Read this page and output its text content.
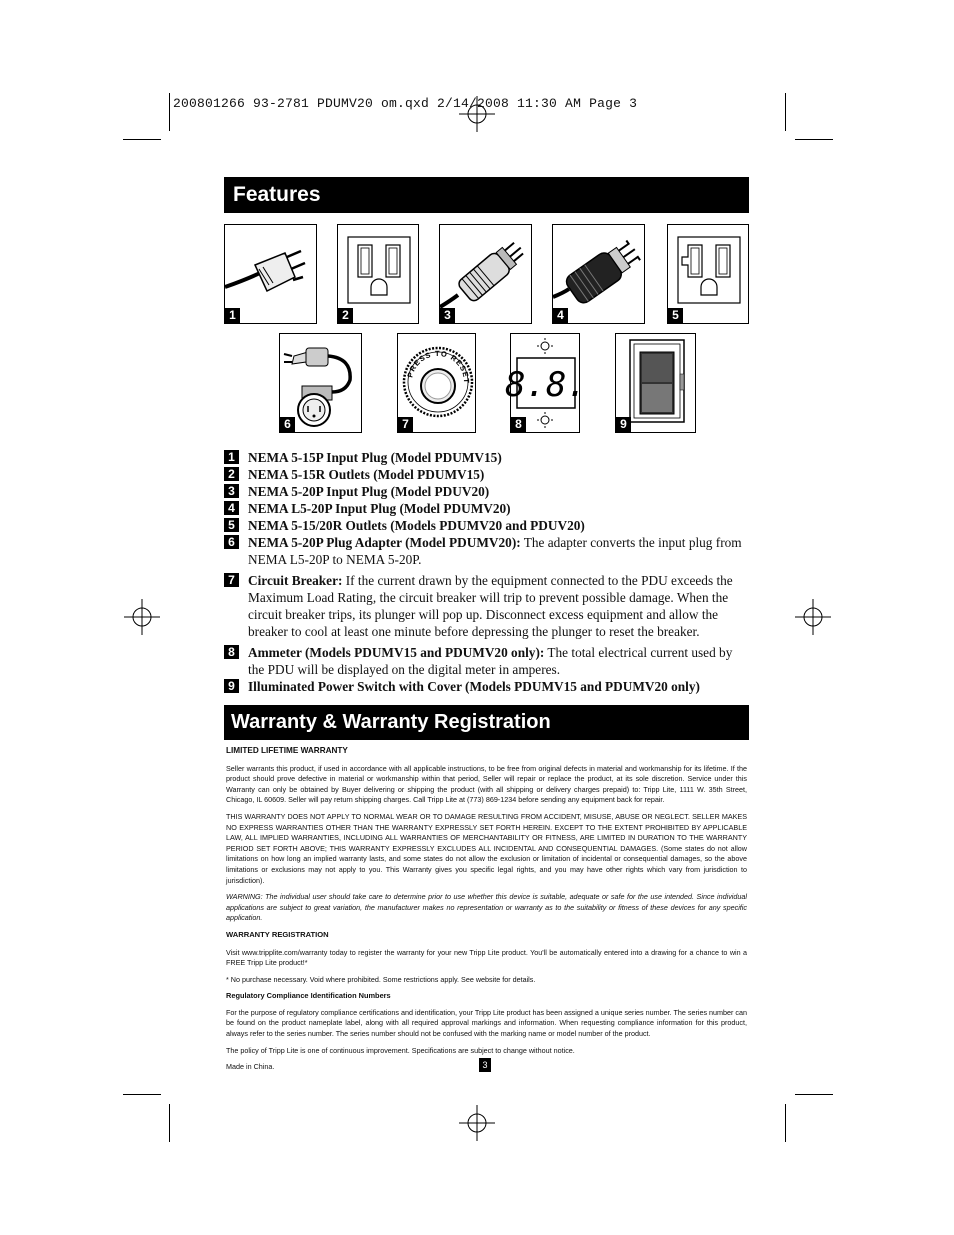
200801266 93-2781 PDUMV20 om.qxd 2/14/2008 11:30 AM Page 3
Features
1	2	3	4	5
6
PRESS TO RESET
7
8.8.
8	9
1 NEMA 5-15P Input Plug (Model PDUMV15)
2 NEMA 5-15R Outlets (Model PDUMV15)
3 NEMA 5-20P Input Plug (Model PDUV20)
4 NEMA L5-20P Input Plug (Model PDUMV20)
5 NEMA 5-15/20R Outlets (Models PDUMV20 and PDUV20)
6 NEMA 5-20P Plug Adapter (Model PDUMV20): The adapter converts the input plug from NEMA L5-20P to NEMA 5-20P.
7 Circuit Breaker: If the current drawn by the equipment connected to the PDU exceeds the Maximum Load Rating, the circuit breaker will trip to prevent possible damage. When the circuit breaker trips, its plunger will pop up. Disconnect excess equipment and allow the breaker to cool at least one minute before depressing the plunger to reset the breaker.
8 Ammeter (Models PDUMV15 and PDUMV20 only): The total electrical current used by the PDU will be displayed on the digital meter in amperes.
9 Illuminated Power Switch with Cover (Models PDUMV15 and PDUMV20 only)
Warranty & Warranty Registration

LIMITED LIFETIME WARRANTY

Seller warrants this product, if used in accordance with all applicable instructions, to be free from original defects in material and workmanship for its lifetime. If the product should prove defective in material or workmanship within that period, Seller will repair or replace the product, at its sole discretion. Service under this Warranty can only be obtained by Buyer delivering or shipping the product (with all shipping or delivery charges prepaid) to: Tripp Lite, 1111 W. 35th Street, Chicago, IL 60609. Seller will pay return shipping charges. Call Tripp Lite at (773) 869-1234 before sending any equipment back for repair.

THIS WARRANTY DOES NOT APPLY TO NORMAL WEAR OR TO DAMAGE RESULTING FROM ACCIDENT, MISUSE, ABUSE OR NEGLECT. SELLER MAKES NO EXPRESS WARRANTIES OTHER THAN THE WARRANTY EXPRESSLY SET FORTH HEREIN. EXCEPT TO THE EXTENT PROHIBITED BY APPLICABLE LAW, ALL IMPLIED WARRANTIES, INCLUDING ALL WARRANTIES OF MERCHANTABILITY OR FITNESS, ARE LIMITED IN DURATION TO THE WARRANTY PERIOD SET FORTH ABOVE; THIS WARRANTY EXPRESSLY EXCLUDES ALL INCIDENTAL AND CONSEQUENTIAL DAMAGES. (Some states do not allow limitations on how long an implied warranty lasts, and some states do not allow the exclusion or limitation of incidental or consequential damages, so the above limitations or exclusions may not apply to you. This Warranty gives you specific legal rights, and you may have other rights which vary from jurisdiction to jurisdiction).

WARNING: The individual user should take care to determine prior to use whether this device is suitable, adequate or safe for the use intended. Since individual applications are subject to great variation, the manufacturer makes no representation or warranty as to the suitability or fitness of these devices for any specific application.

WARRANTY REGISTRATION

Visit www.tripplite.com/warranty today to register the warranty for your new Tripp Lite product. You'll be automatically entered into a drawing for a chance to win a FREE Tripp Lite product!*

* No purchase necessary. Void where prohibited. Some restrictions apply. See website for details.

Regulatory Compliance Identification Numbers

For the purpose of regulatory compliance certifications and identification, your Tripp Lite product has been assigned a unique series number. The series number can be found on the product nameplate label, along with all required approval markings and information. When requesting compliance information for this product, always refer to the series number. The series number should not be confused with the marking name or model number of the product.

The policy of Tripp Lite is one of continuous improvement. Specifications are subject to change without notice.

Made in China.	3
